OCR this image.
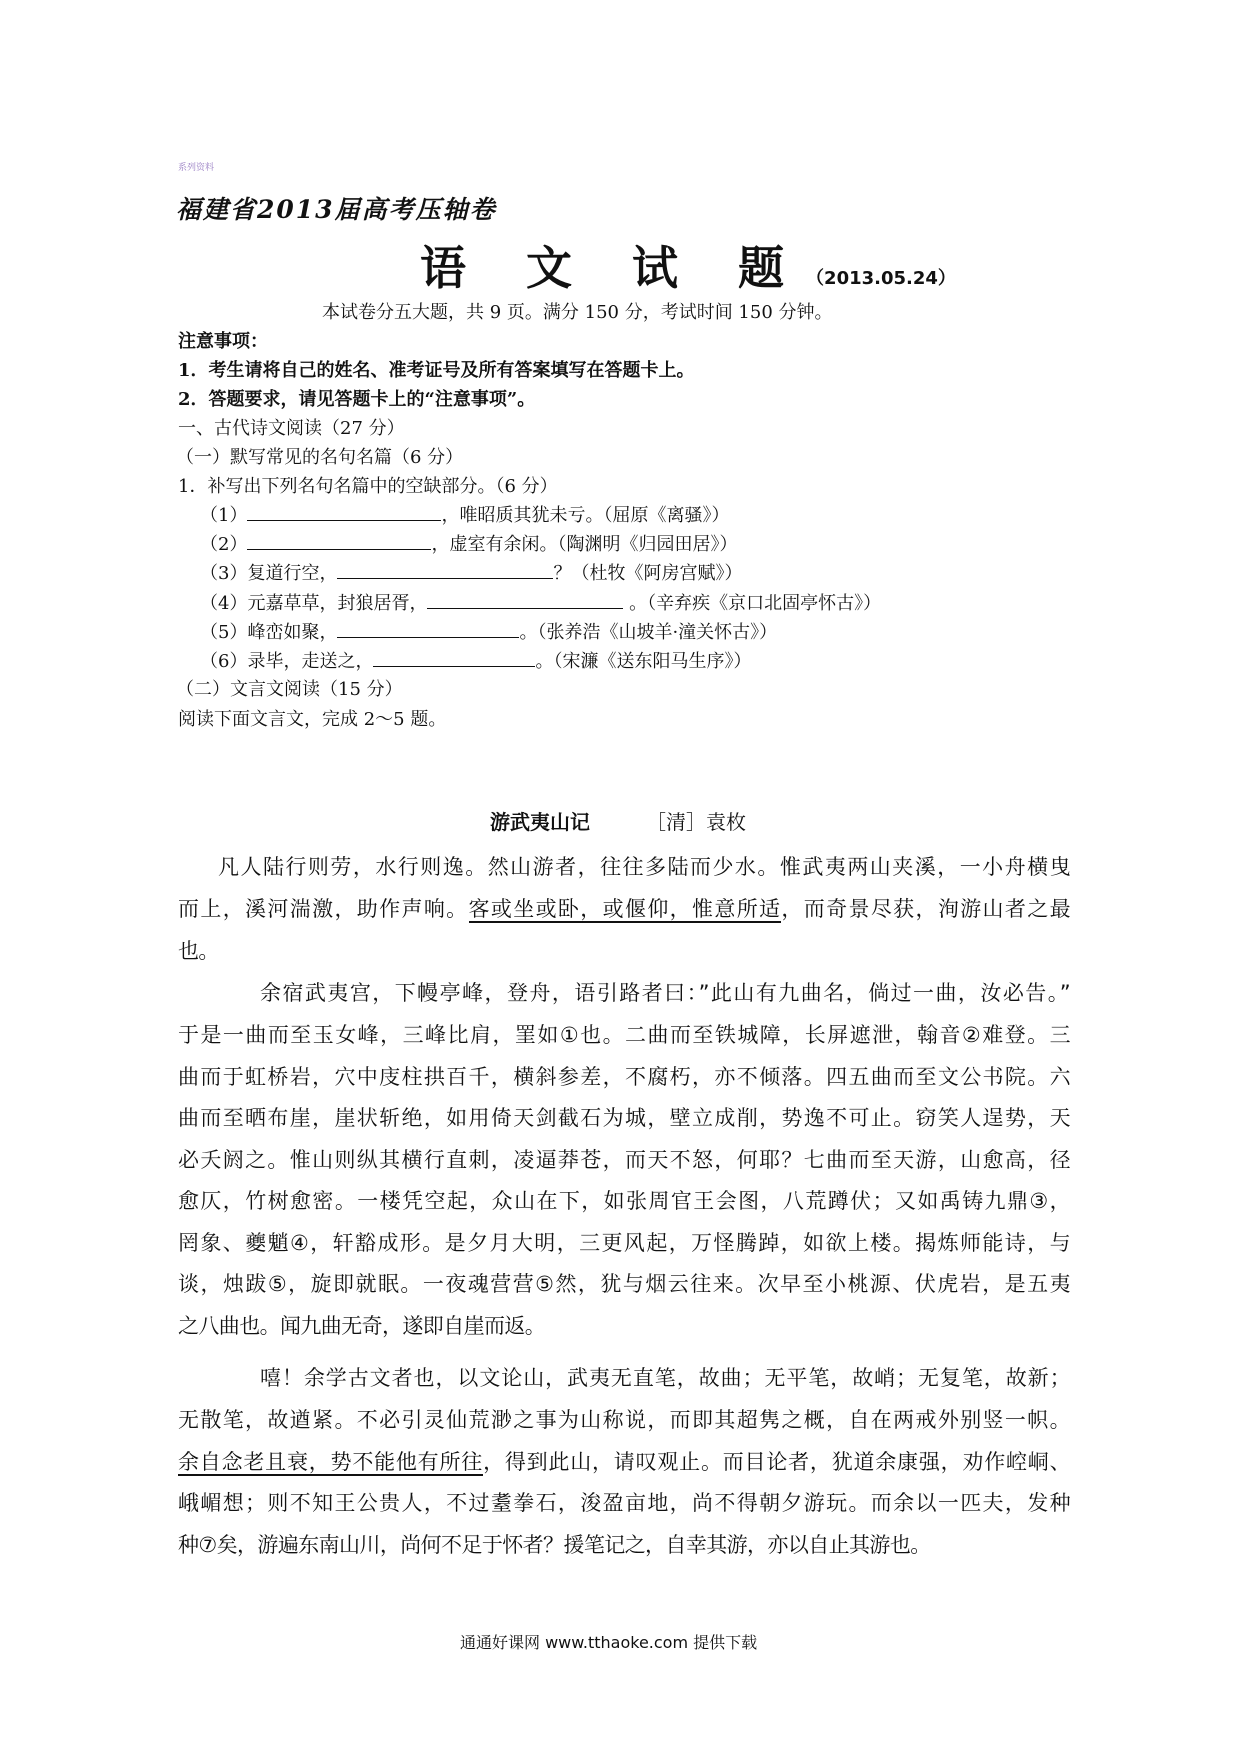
系列资料
福建省2013届高考压轴卷
语 文 试 题（2013.05.24）
本试卷分五大题，共 9 页。满分 150 分，考试时间 150 分钟。
注意事项：
1．考生请将自己的姓名、准考证号及所有答案填写在答题卡上。
2．答题要求，请见答题卡上的“注意事项”。
一、古代诗文阅读（27 分）
（一）默写常见的名句名篇（6 分）
1．补写出下列名句名篇中的空缺部分。（6 分）
（1）	，唯昭质其犹未亏。（屈原《离骚》）
（2）	，虚室有余闲。（陶渊明《归园田居》）
（3）复道行空，	？（杜牧《阿房宫赋》）
（4）元嘉草草，封狼居胥，	。（辛弃疾《京口北固亭怀古》）
（5）峰峦如聚，	。（张养浩《山坡羊·潼关怀古》）
（6）录毕，走送之，	。（宋濂《送东阳马生序》）
（二）文言文阅读（15 分）
阅读下面文言文，完成 2～5 题。
游武夷山记	［清］袁枚
凡人陆行则劳，水行则逸。然山游者，往往多陆而少水。惟武夷两山夹溪，一小舟横曳
而上，溪河湍激，助作声响。客或坐或卧，或偃仰，惟意所适，而奇景尽获，洵游山者之最
也。
余宿武夷宫，下幔亭峰，登舟，语引路者曰：”此山有九曲名，倘过一曲，汝必告。”
于是一曲而至玉女峰，三峰比肩，罣如①也。二曲而至铁城障，长屏遮泄，翰音②难登。三
曲而于虹桥岩，穴中庋柱拱百千，横斜参差，不腐朽，亦不倾落。四五曲而至文公书院。六
曲而至晒布崖，崖状斩绝，如用倚天剑截石为城，壁立成削，势逸不可止。窃笑人逞势，天
必夭阏之。惟山则纵其横行直刺，凌逼莽苍，而天不怒，何耶？七曲而至天游，山愈高，径
愈仄，竹树愈密。一楼凭空起，众山在下，如张周官王会图，八荒蹲伏；又如禹铸九鼎③，
罔象、夔魈④，轩豁成形。是夕月大明，三更风起，万怪腾踔，如欲上楼。揭炼师能诗，与
谈，烛跋⑤，旋即就眠。一夜魂营营⑤然，犹与烟云往来。次早至小桃源、伏虎岩，是五夷
之八曲也。闻九曲无奇，遂即自崖而返。
嘻！余学古文者也，以文论山，武夷无直笔，故曲；无平笔，故峭；无复笔，故新；
无散笔，故遒紧。不必引灵仙荒渺之事为山称说，而即其超隽之概，自在两戒外别竖一帜。
余自念老且衰，势不能他有所往，得到此山，请叹观止。而目论者，犹道余康强，劝作崆峒、
峨嵋想；则不知王公贵人，不过耋拳石，浚盈亩地，尚不得朝夕游玩。而余以一匹夫，发种
种⑦矣，游遍东南山川，尚何不足于怀者？援笔记之，自幸其游，亦以自止其游也。
通通好课网 www.tthaoke.com 提供下载
